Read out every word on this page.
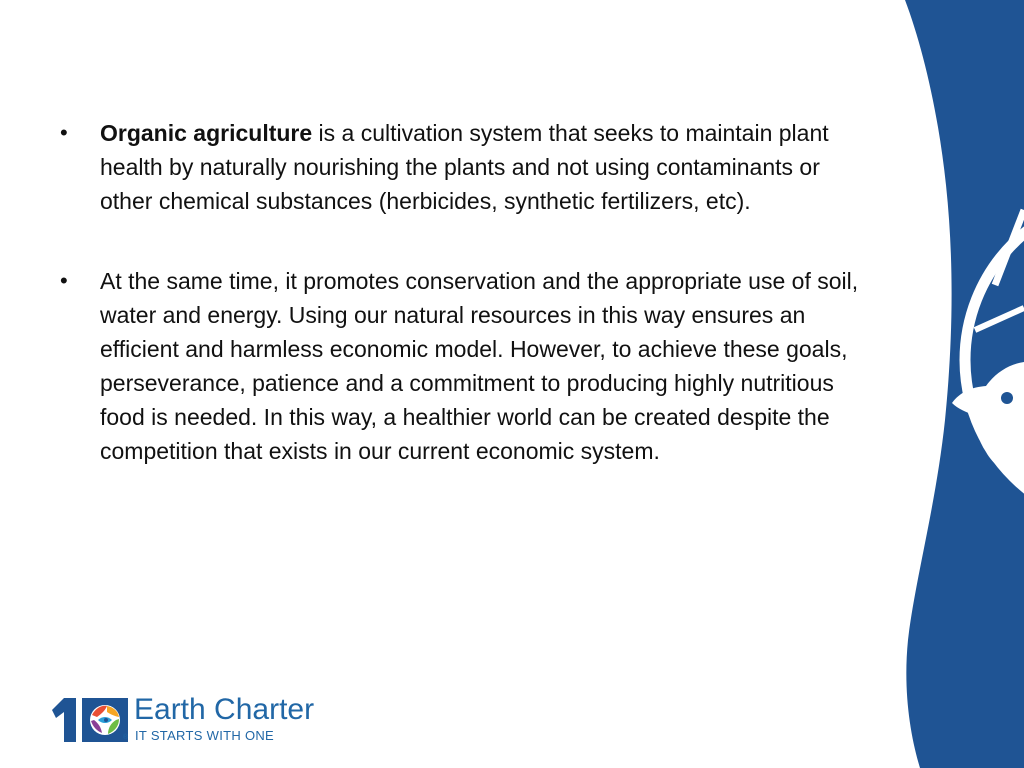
• Organic agriculture is a cultivation system that seeks to maintain plant health by naturally nourishing the plants and not using contaminants or other chemical substances (herbicides, synthetic fertilizers, etc).
• At the same time, it promotes conservation and the appropriate use of soil, water and energy. Using our natural resources in this way ensures an efficient and harmless economic model. However, to achieve these goals, perseverance, patience and a commitment to producing highly nutritious food is needed. In this way, a healthier world can be created despite the competition that exists in our current economic system.
®
Earth Charter
IT STARTS WITH ONE
